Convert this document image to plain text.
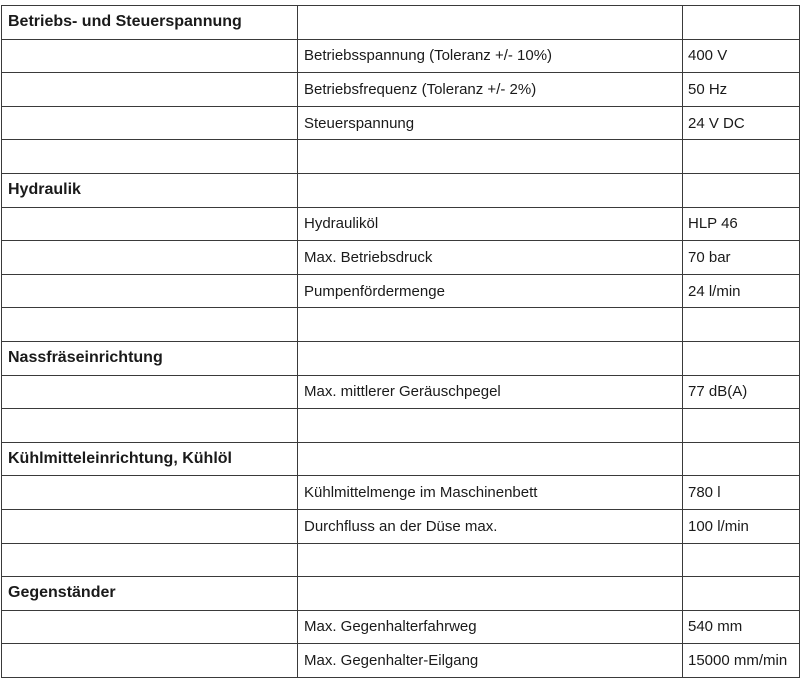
Betriebs- und Steuerspannung		
	Betriebsspannung (Toleranz +/- 10%)	400 V
	Betriebsfrequenz (Toleranz +/- 2%)	50 Hz
	Steuerspannung	24 V DC

Hydraulik		
	Hydrauliköl	HLP 46
	Max. Betriebsdruck	70 bar
	Pumpenfördermenge	24 l/min

Nassfräseinrichtung		
	Max. mittlerer Geräuschpegel	77 dB(A)

Kühlmitteleinrichtung, Kühlöl		
	Kühlmittelmenge im Maschinenbett	780 l
	Durchfluss an der Düse max.	100 l/min

Gegenständer		
	Max. Gegenhalterfahrweg	540 mm
	Max. Gegenhalter-Eilgang	15000 mm/min
